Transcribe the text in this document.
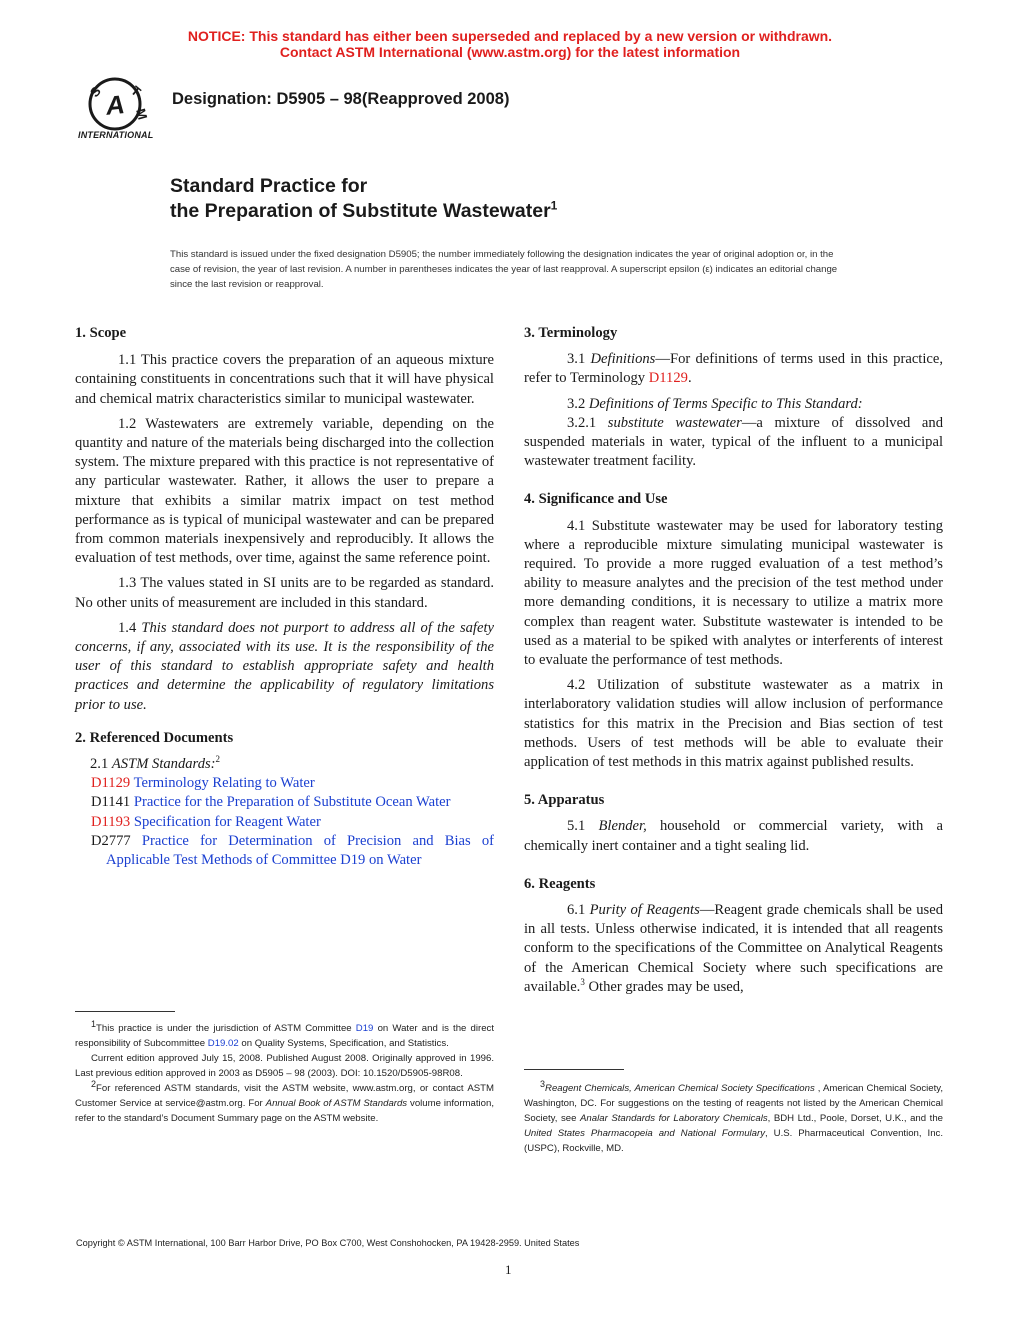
NOTICE: This standard has either been superseded and replaced by a new version or withdrawn.
Contact ASTM International (www.astm.org) for the latest information
A
S T
M
INTERNATIONAL
Designation: D5905 – 98(Reapproved 2008)
Standard Practice for
the Preparation of Substitute Wastewater$^1$
This standard is issued under the fixed designation D5905; the number immediately following the designation indicates the year of original adoption or, in the case of revision, the year of last revision. A number in parentheses indicates the year of last reapproval. A superscript epsilon (ε) indicates an editorial change since the last revision or reapproval.
1. Scope

1.1 This practice covers the preparation of an aqueous mixture containing constituents in concentrations such that it will have physical and chemical matrix characteristics similar to municipal wastewater.

1.2 Wastewaters are extremely variable, depending on the quantity and nature of the materials being discharged into the collection system. The mixture prepared with this practice is not representative of any particular wastewater. Rather, it allows the user to prepare a mixture that exhibits a similar matrix impact on test method performance as is typical of municipal wastewater and can be prepared from common materials inexpensively and reproducibly. It allows the evaluation of test methods, over time, against the same reference point.

1.3 The values stated in SI units are to be regarded as standard. No other units of measurement are included in this standard.

1.4 This standard does not purport to address all of the safety concerns, if any, associated with its use. It is the responsibility of the user of this standard to establish appropriate safety and health practices and determine the applicability of regulatory limitations prior to use.

2. Referenced Documents

2.1 ASTM Standards:$^2$

D1129 Terminology Relating to Water

D1141 Practice for the Preparation of Substitute Ocean Water

D1193 Specification for Reagent Water

D2777 Practice for Determination of Precision and Bias of Applicable Test Methods of Committee D19 on Water

$^1$This practice is under the jurisdiction of ASTM Committee D19 on Water and is the direct responsibility of Subcommittee D19.02 on Quality Systems, Specification, and Statistics.

Current edition approved July 15, 2008. Published August 2008. Originally approved in 1996. Last previous edition approved in 2003 as D5905 – 98 (2003). DOI: 10.1520/D5905-98R08.

$^2$For referenced ASTM standards, visit the ASTM website, www.astm.org, or contact ASTM Customer Service at service@astm.org. For Annual Book of ASTM Standards volume information, refer to the standard’s Document Summary page on the ASTM website.

3. Terminology

3.1 Definitions—For definitions of terms used in this practice, refer to Terminology D1129.

3.2 Definitions of Terms Specific to This Standard:

3.2.1 substitute wastewater—a mixture of dissolved and suspended materials in water, typical of the influent to a municipal wastewater treatment facility.

4. Significance and Use

4.1 Substitute wastewater may be used for laboratory testing where a reproducible mixture simulating municipal wastewater is required. To provide a more rugged evaluation of a test method’s ability to measure analytes and the precision of the test method under more demanding conditions, it is necessary to utilize a matrix more complex than reagent water. Substitute wastewater is intended to be used as a material to be spiked with analytes or interferents of interest to evaluate the performance of test methods.

4.2 Utilization of substitute wastewater as a matrix in interlaboratory validation studies will allow inclusion of performance statistics for this matrix in the Precision and Bias section of test methods. Users of test methods will be able to evaluate their application of test methods in this matrix against published results.

5. Apparatus

5.1 Blender, household or commercial variety, with a chemically inert container and a tight sealing lid.

6. Reagents

6.1 Purity of Reagents—Reagent grade chemicals shall be used in all tests. Unless otherwise indicated, it is intended that all reagents conform to the specifications of the Committee on Analytical Reagents of the American Chemical Society where such specifications are available.$^3$ Other grades may be used,

$^3$Reagent Chemicals, American Chemical Society Specifications , American Chemical Society, Washington, DC. For suggestions on the testing of reagents not listed by the American Chemical Society, see Analar Standards for Laboratory Chemicals, BDH Ltd., Poole, Dorset, U.K., and the United States Pharmacopeia and National Formulary, U.S. Pharmaceutical Convention, Inc. (USPC), Rockville, MD.

Copyright © ASTM International, 100 Barr Harbor Drive, PO Box C700, West Conshohocken, PA 19428-2959. United States
1
